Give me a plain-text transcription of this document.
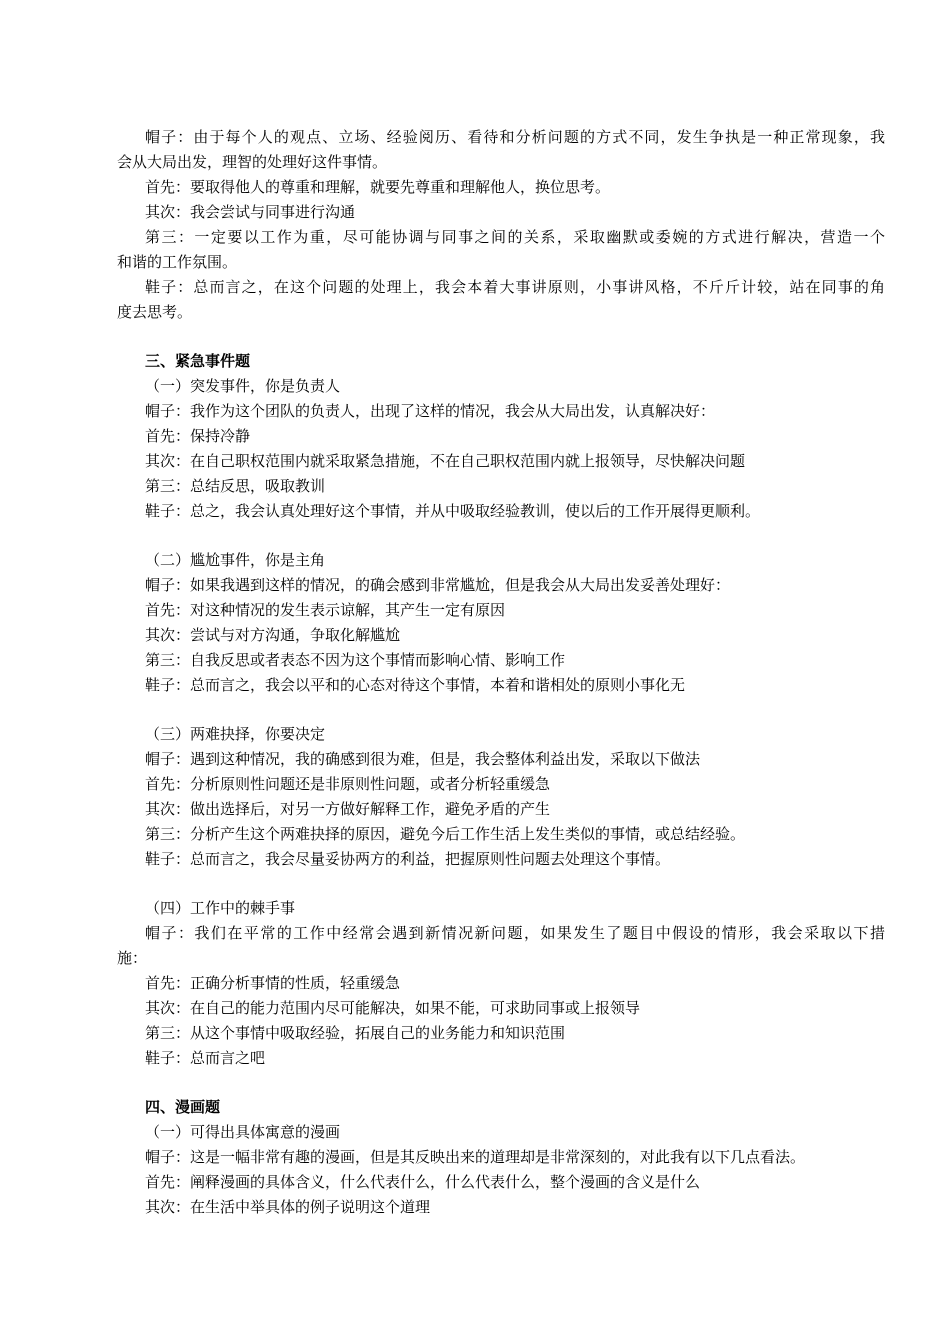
帽子：由于每个人的观点、立场、经验阅历、看待和分析问题的方式不同，发生争执是一种正常现象，我
会从大局出发，理智的处理好这件事情。
首先：要取得他人的尊重和理解，就要先尊重和理解他人，换位思考。
其次：我会尝试与同事进行沟通
第三：一定要以工作为重，尽可能协调与同事之间的关系，采取幽默或委婉的方式进行解决，营造一个
和谐的工作氛围。
鞋子：总而言之，在这个问题的处理上，我会本着大事讲原则，小事讲风格，不斤斤计较，站在同事的角
度去思考。
三、紧急事件题
（一）突发事件，你是负责人
帽子：我作为这个团队的负责人，出现了这样的情况，我会从大局出发，认真解决好：
首先：保持冷静
其次：在自己职权范围内就采取紧急措施，不在自己职权范围内就上报领导，尽快解决问题
第三：总结反思，吸取教训
鞋子：总之，我会认真处理好这个事情，并从中吸取经验教训，使以后的工作开展得更顺利。
（二）尴尬事件，你是主角
帽子：如果我遇到这样的情况，的确会感到非常尴尬，但是我会从大局出发妥善处理好：
首先：对这种情况的发生表示谅解，其产生一定有原因
其次：尝试与对方沟通，争取化解尴尬
第三：自我反思或者表态不因为这个事情而影响心情、影响工作
鞋子：总而言之，我会以平和的心态对待这个事情，本着和谐相处的原则小事化无
（三）两难抉择，你要决定
帽子：遇到这种情况，我的确感到很为难，但是，我会整体利益出发，采取以下做法
首先：分析原则性问题还是非原则性问题，或者分析轻重缓急
其次：做出选择后，对另一方做好解释工作，避免矛盾的产生
第三：分析产生这个两难抉择的原因，避免今后工作生活上发生类似的事情，或总结经验。
鞋子：总而言之，我会尽量妥协两方的利益，把握原则性问题去处理这个事情。
（四）工作中的棘手事
帽子：我们在平常的工作中经常会遇到新情况新问题，如果发生了题目中假设的情形，我会采取以下措
施：
首先：正确分析事情的性质，轻重缓急
其次：在自己的能力范围内尽可能解决，如果不能，可求助同事或上报领导
第三：从这个事情中吸取经验，拓展自己的业务能力和知识范围
鞋子：总而言之吧
四、漫画题
（一）可得出具体寓意的漫画
帽子：这是一幅非常有趣的漫画，但是其反映出来的道理却是非常深刻的，对此我有以下几点看法。
首先：阐释漫画的具体含义，什么代表什么，什么代表什么，整个漫画的含义是什么
其次：在生活中举具体的例子说明这个道理
